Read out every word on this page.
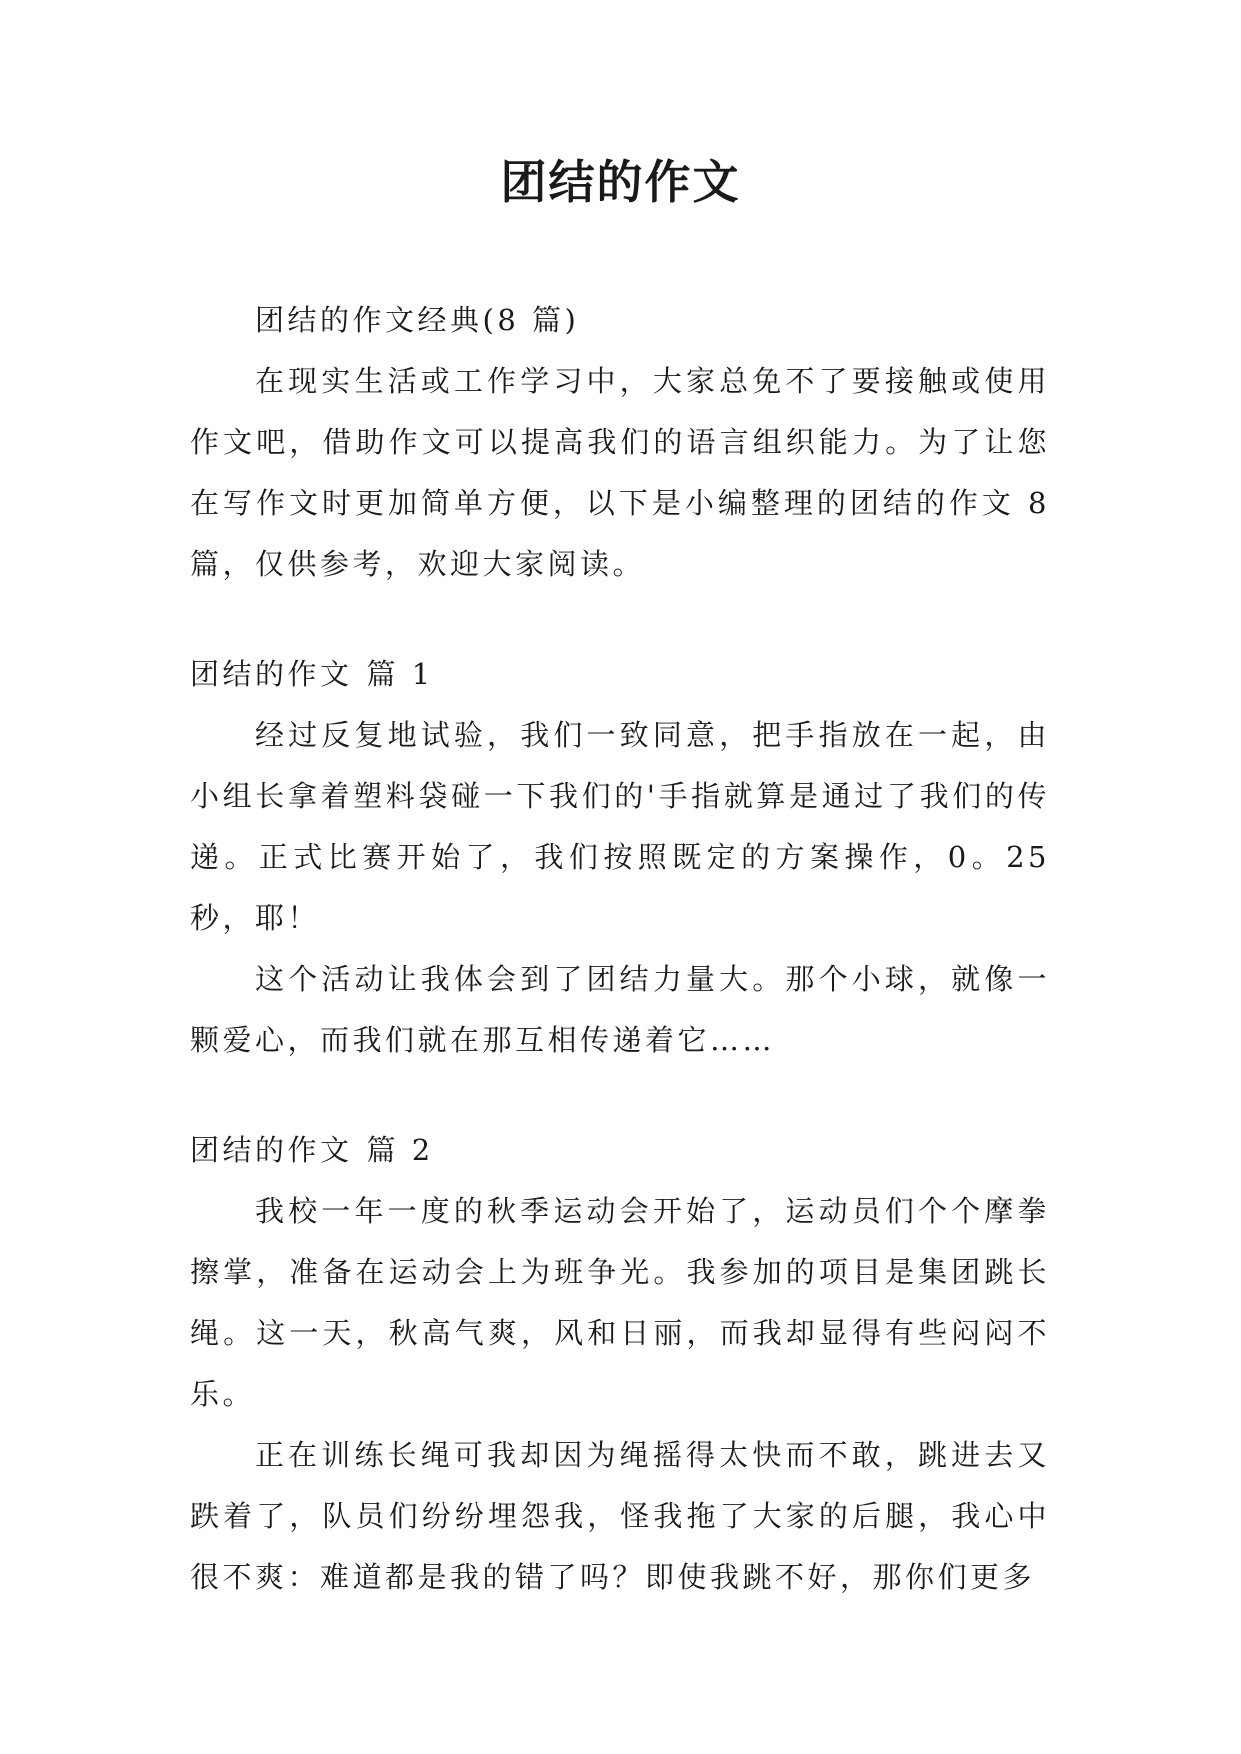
团结的作文

团结的作文经典(8 篇)

在现实生活或工作学习中，大家总免不了要接触或使用作文吧，借助作文可以提高我们的语言组织能力。为了让您在写作文时更加简单方便，以下是小编整理的团结的作文 8 篇，仅供参考，欢迎大家阅读。

团结的作文 篇 1

经过反复地试验，我们一致同意，把手指放在一起，由小组长拿着塑料袋碰一下我们的'手指就算是通过了我们的传递。正式比赛开始了，我们按照既定的方案操作，0。25 秒，耶！

这个活动让我体会到了团结力量大。那个小球，就像一颗爱心，而我们就在那互相传递着它……

团结的作文 篇 2

我校一年一度的秋季运动会开始了，运动员们个个摩拳擦掌，准备在运动会上为班争光。我参加的项目是集团跳长绳。这一天，秋高气爽，风和日丽，而我却显得有些闷闷不乐。

正在训练长绳可我却因为绳摇得太快而不敢，跳进去又跌着了，队员们纷纷埋怨我，怪我拖了大家的后腿，我心中很不爽：难道都是我的错了吗？即使我跳不好，那你们更多
